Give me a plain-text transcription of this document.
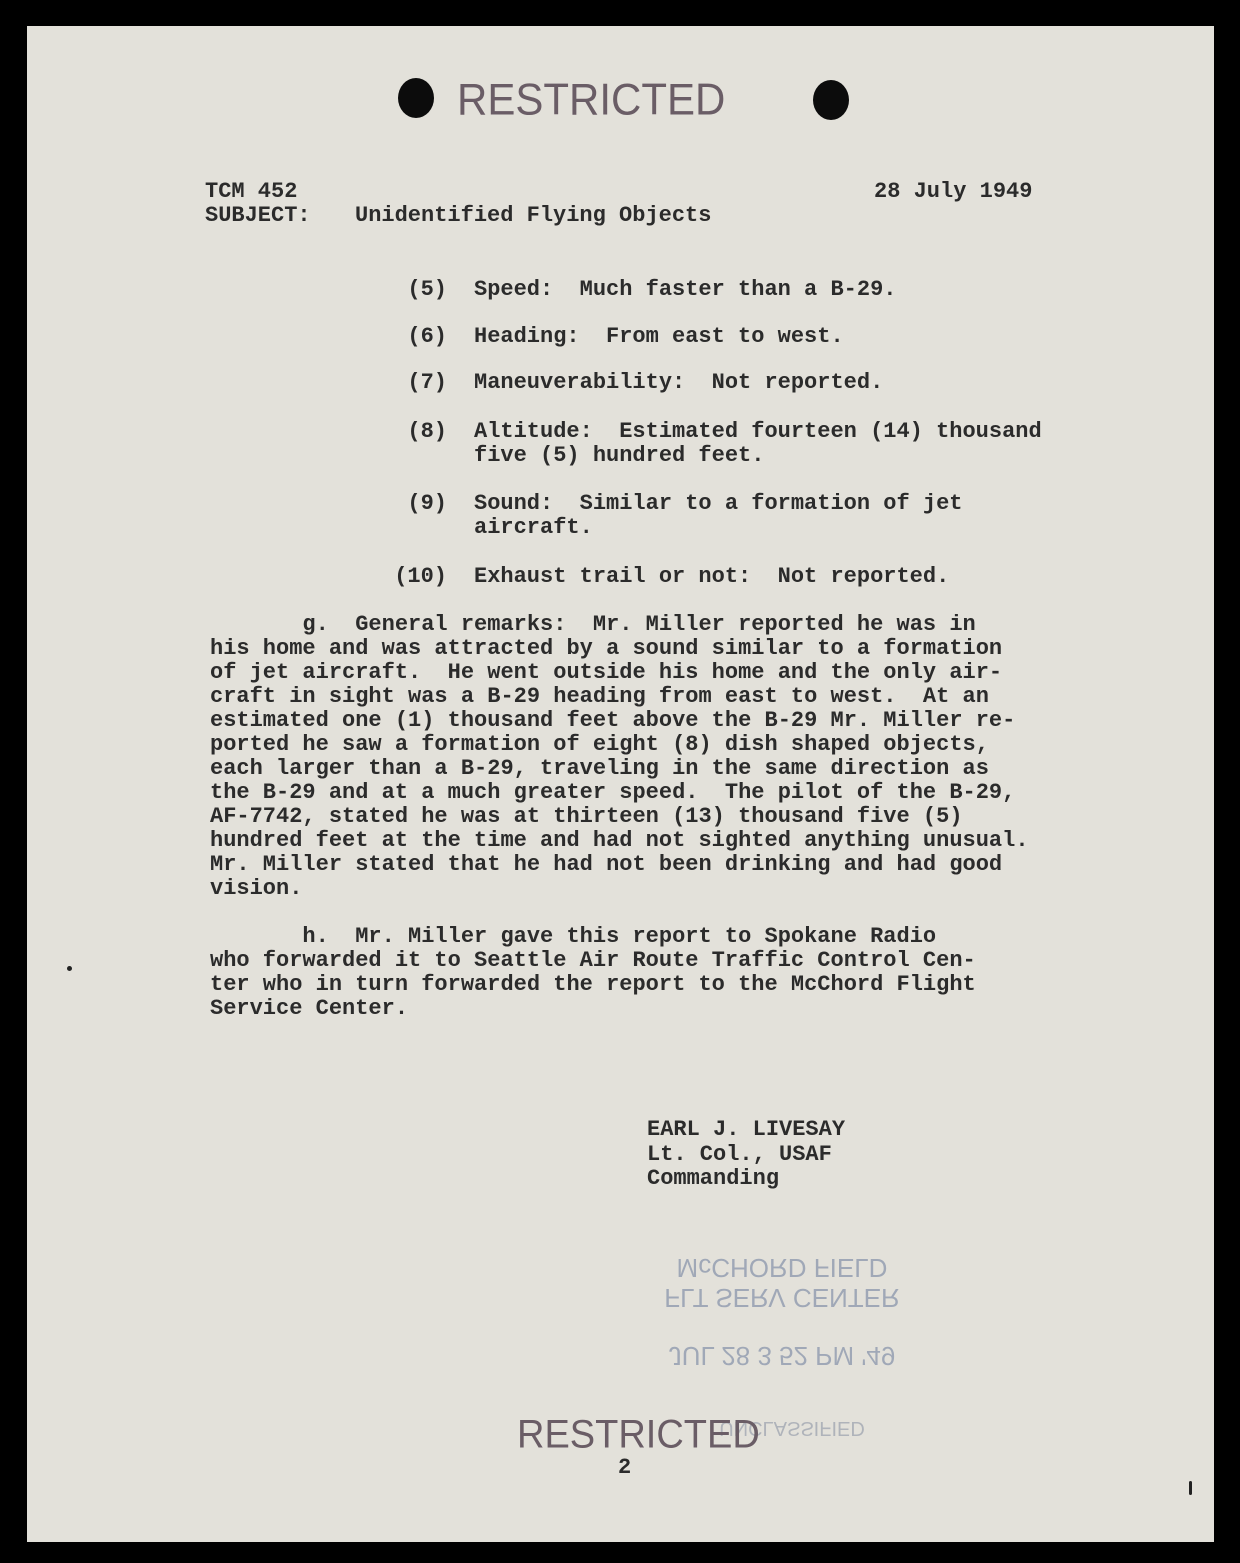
RESTRICTED
TCM 452	28 July 1949
SUBJECT: Unidentified Flying Objects
(5) Speed:  Much faster than a B-29.
(6) Heading:  From east to west.
(7) Maneuverability:  Not reported.
(8) Altitude:  Estimated fourteen (14) thousand
five (5) hundred feet.
(9) Sound:  Similar to a formation of jet
aircraft.
(10) Exhaust trail or not:  Not reported.
g.  General remarks:  Mr. Miller reported he was in
his home and was attracted by a sound similar to a formation
of jet aircraft.  He went outside his home and the only air-
craft in sight was a B-29 heading from east to west.  At an
estimated one (1) thousand feet above the B-29 Mr. Miller re-
ported he saw a formation of eight (8) dish shaped objects,
each larger than a B-29, traveling in the same direction as
the B-29 and at a much greater speed.  The pilot of the B-29,
AF-7742, stated he was at thirteen (13) thousand five (5)
hundred feet at the time and had not sighted anything unusual.
Mr. Miller stated that he had not been drinking and had good
vision.
h.  Mr. Miller gave this report to Spokane Radio
who forwarded it to Seattle Air Route Traffic Control Cen-
ter who in turn forwarded the report to the McChord Flight
Service Center.
EARL J. LIVESAY
Lt. Col., USAF
Commanding
JUL 28 3 52 PM '49
FLT SERV CENTER
McCHORD FIELD
UNCLASSIFIED
RESTRICTED
2
